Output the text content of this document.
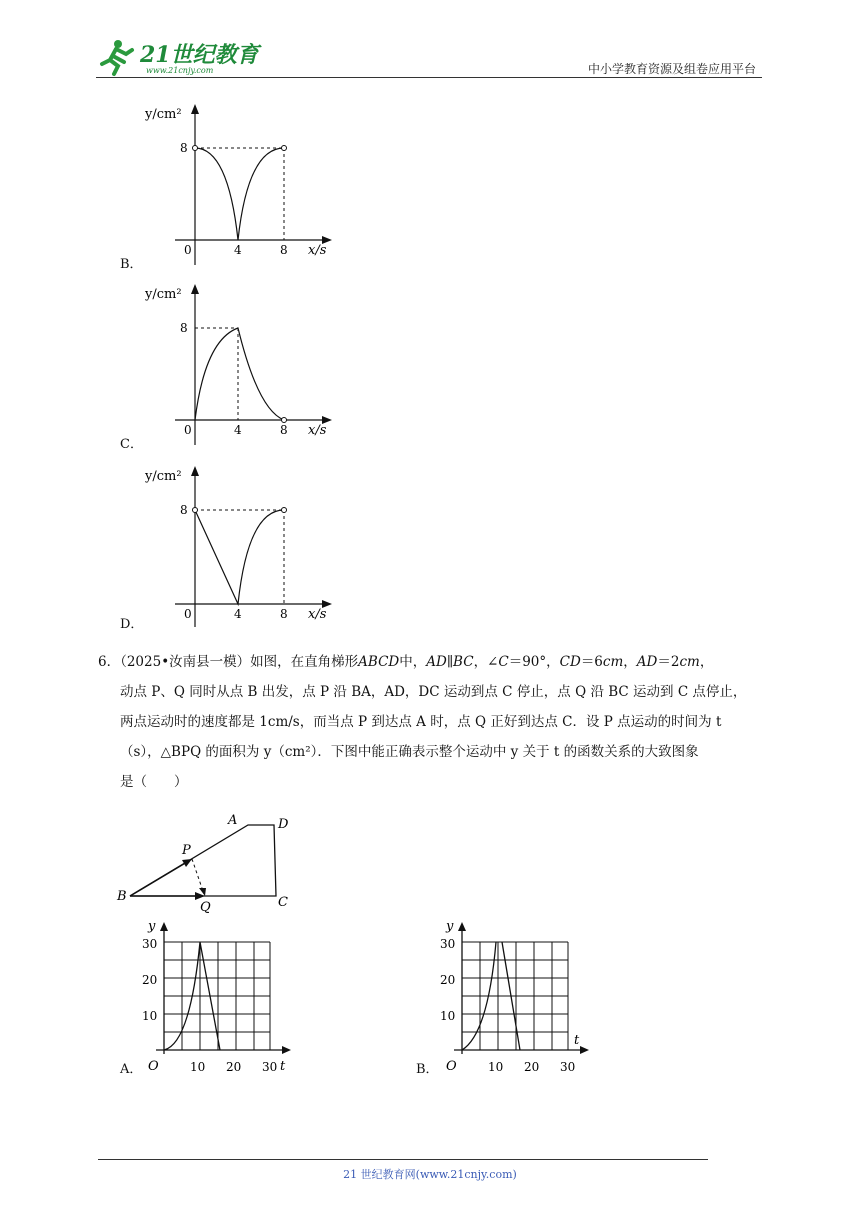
21世纪教育
www.21cnjy.com	中小学教育资源及组卷应用平台
y/cm²
8
0	4	8 x/s
B．
y/cm²
8
0	4	8 x/s
C．
y/cm²
8
0	4	8 x/s
D．

6．（2025•汝南县一模）如图，在直角梯形ABCD中，AD∥BC，∠C＝90°，CD＝6cm，AD＝2cm，

动点 P、Q 同时从点 B 出发，点 P 沿 BA，AD，DC 运动到点 C 停止，点 Q 沿 BC 运动到 C 点停止，

两点运动时的速度都是 1cm/s，而当点 P 到达点 A 时，点 Q 正好到达点 C．设 P 点运动的时间为 t

（s），△BPQ 的面积为 y（cm²）．下图中能正确表示整个运动中 y 关于 t 的函数关系的大致图象

是（　　）

A	D
C
B
P
Q
y
10
20
30
O	10 20 30 t
A．
y
10
20
30
O	10 20 30
t
B．
21 世纪教育网(www.21cnjy.com)
